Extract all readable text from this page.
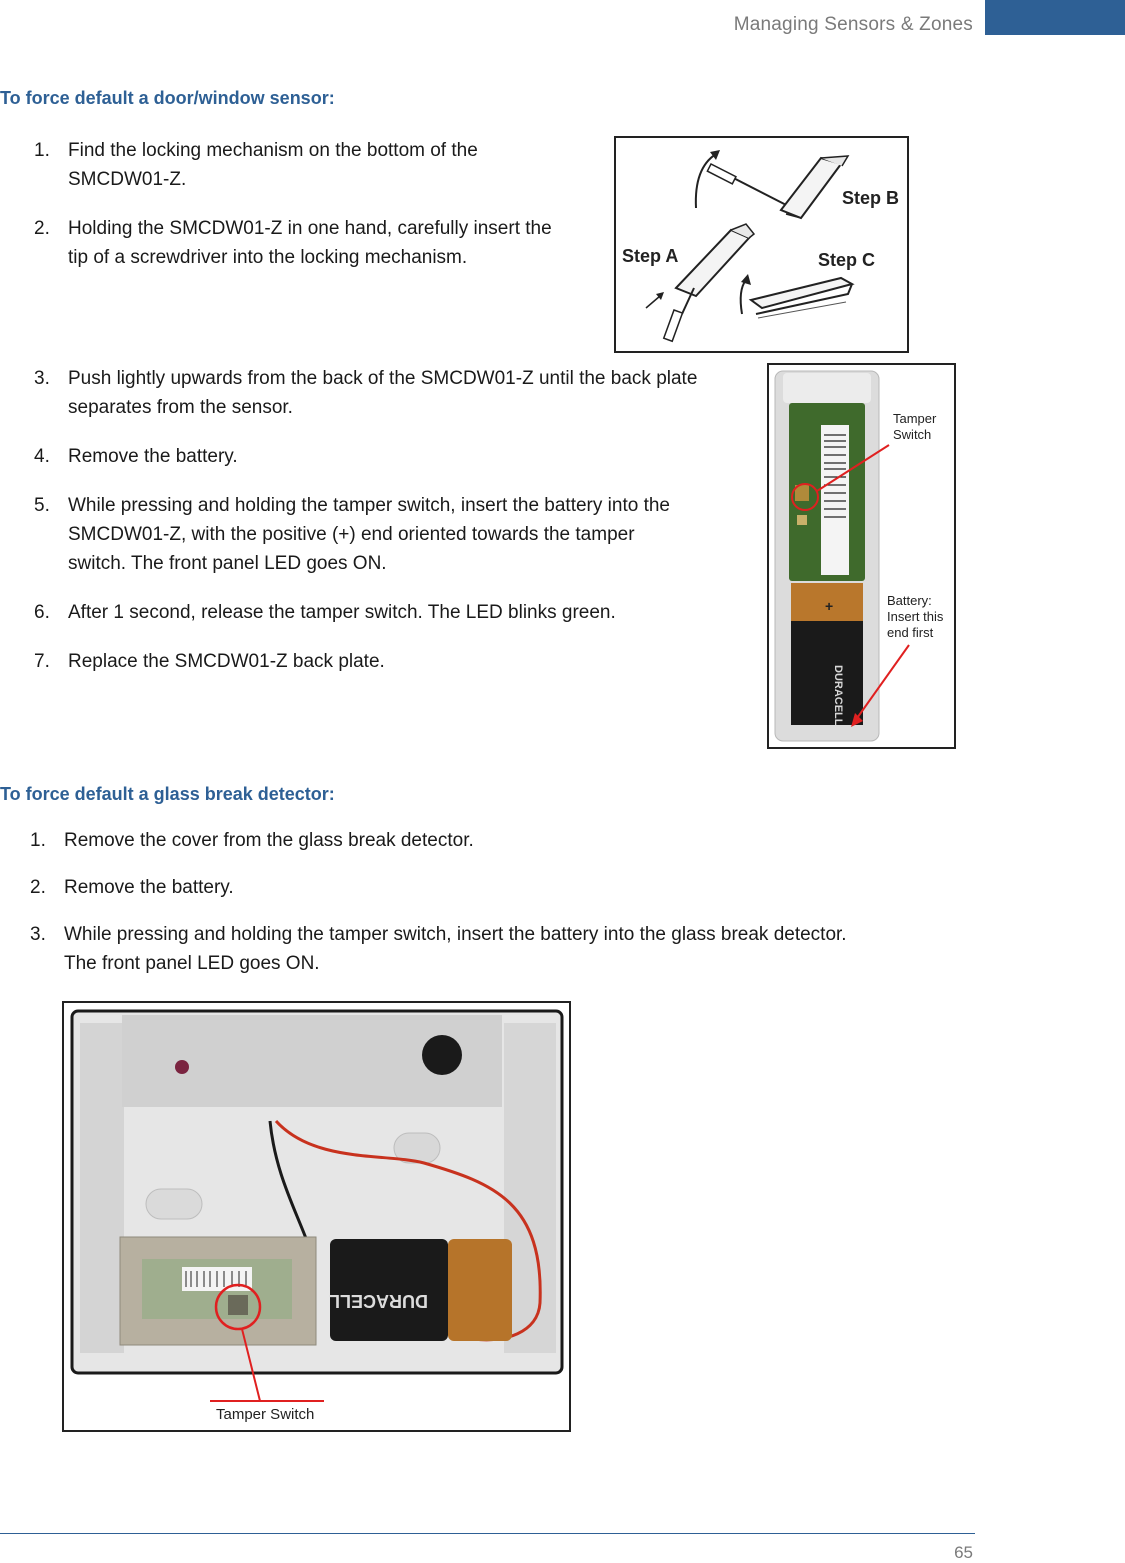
Managing Sensors & Zones
To force default a door/window sensor:
1. Find the locking mechanism on the bottom of the
SMCDW01-Z.
2. Holding the SMCDW01-Z in one hand, carefully insert the
tip of a screwdriver into the locking mechanism.
Step B
Step A	Step C
3. Push lightly upwards from the back of the SMCDW01-Z until the back plate
separates from the sensor.
4. Remove the battery.
5. While pressing and holding the tamper switch, insert the battery into the
SMCDW01-Z, with the positive (+) end oriented towards the tamper
switch. The front panel LED goes ON.
6. After 1 second, release the tamper switch. The LED blinks green.
7. Replace the SMCDW01-Z back plate.
Tamper
Switch
DURACELL
+	Battery:
Insert this
end first
To force default a glass break detector:
1. Remove the cover from the glass break detector.
2. Remove the battery.
3. While pressing and holding the tamper switch, insert the battery into the glass break detector.
The front panel LED goes ON.
DURACELL
Tamper Switch
65
